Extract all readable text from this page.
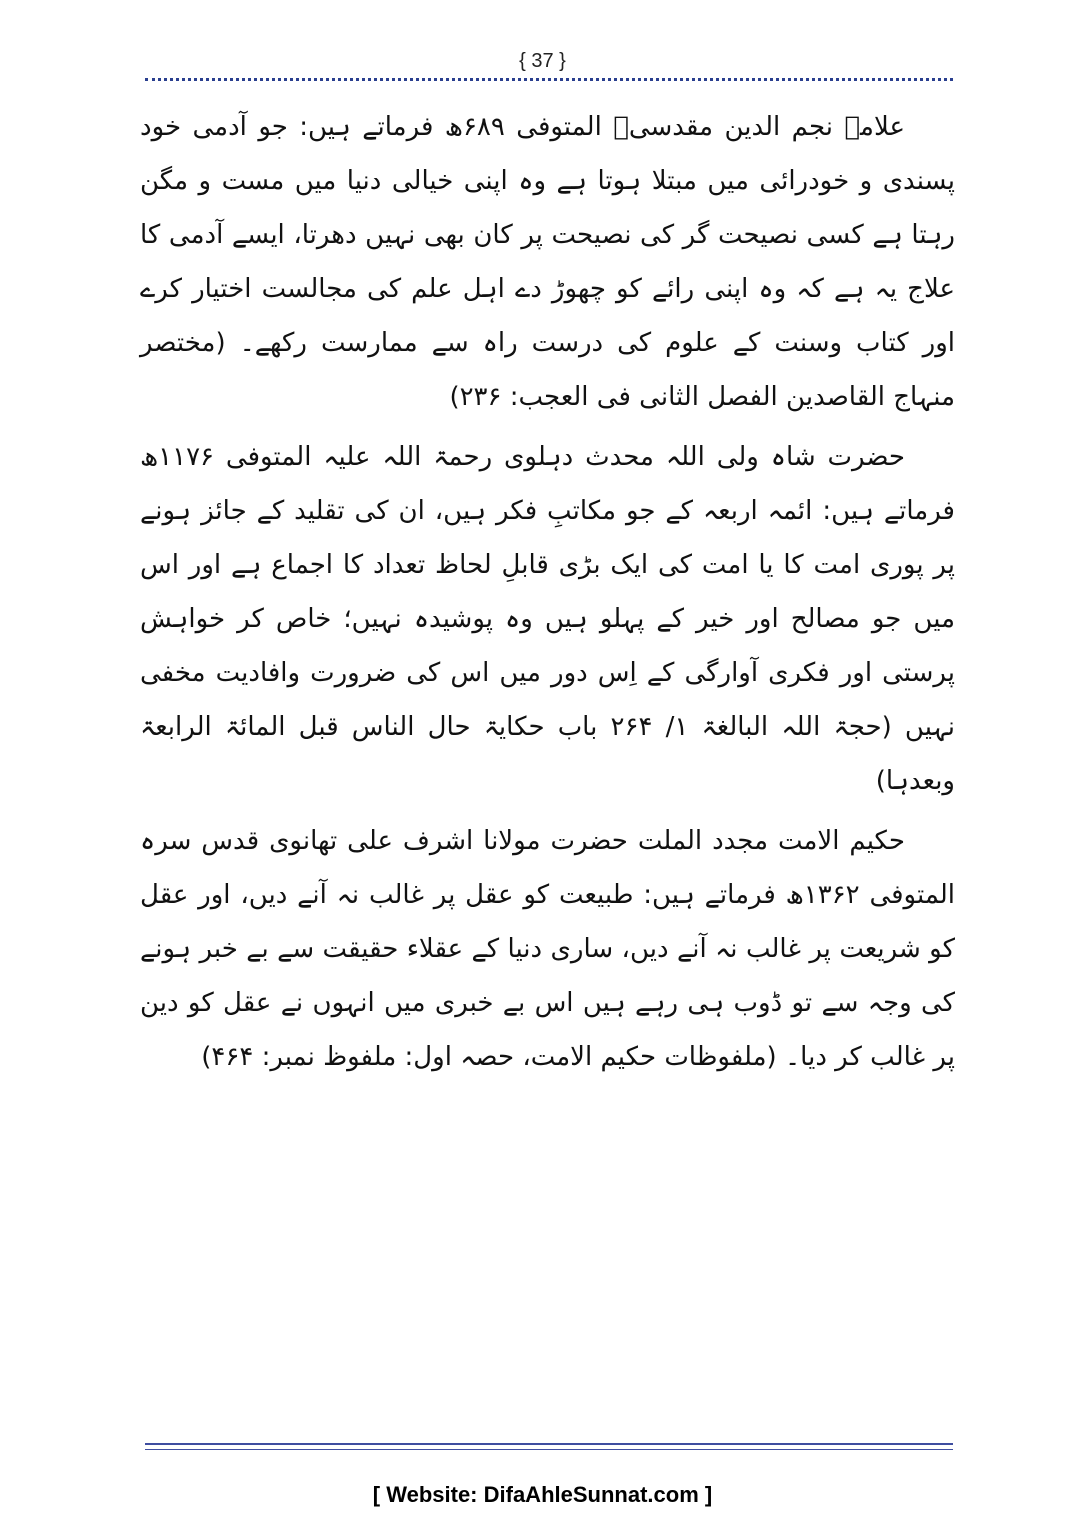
{ 37 }

علامہ نجم الدین مقدسیؒ المتوفی ۶۸۹ھ فرماتے ہیں: جو آدمی خود پسندی و خودرائی میں مبتلا ہوتا ہے وہ اپنی خیالی دنیا میں مست و مگن رہتا ہے کسی نصیحت گر کی نصیحت پر کان بھی نہیں دھرتا، ایسے آدمی کا علاج یہ ہے کہ وہ اپنی رائے کو چھوڑ دے اہل علم کی مجالست اختیار کرے اور کتاب وسنت کے علوم کی درست راہ سے ممارست رکھے۔ (مختصر منہاج القاصدین الفصل الثانی فی العجب: ۲۳۶)

حضرت شاہ ولی اللہ محدث دہلوی رحمۃ اللہ علیہ المتوفی ۱۱۷۶ھ فرماتے ہیں: ائمہ اربعہ کے جو مکاتبِ فکر ہیں، ان کی تقلید کے جائز ہونے پر پوری امت کا یا امت کی ایک بڑی قابلِ لحاظ تعداد کا اجماع ہے اور اس میں جو مصالح اور خیر کے پہلو ہیں وہ پوشیدہ نہیں؛ خاص کر خواہش پرستی اور فکری آوارگی کے اِس دور میں اس کی ضرورت وافادیت مخفی نہیں (حجۃ اللہ البالغۃ ۱/ ۲۶۴ باب حکایۃ حال الناس قبل المائۃ الرابعۃ وبعدہا)

حکیم الامت مجدد الملت حضرت مولانا اشرف علی تھانوی قدس سرہ المتوفی ۱۳۶۲ھ فرماتے ہیں: طبیعت کو عقل پر غالب نہ آنے دیں، اور عقل کو شریعت پر غالب نہ آنے دیں، ساری دنیا کے عقلاء حقیقت سے بے خبر ہونے کی وجہ سے تو ڈوب ہی رہے ہیں اس بے خبری میں انہوں نے عقل کو دین پر غالب کر دیا۔ (ملفوظات حکیم الامت، حصہ اول: ملفوظ نمبر: ۴۶۴)

[ Website: DifaAhleSunnat.com ]
